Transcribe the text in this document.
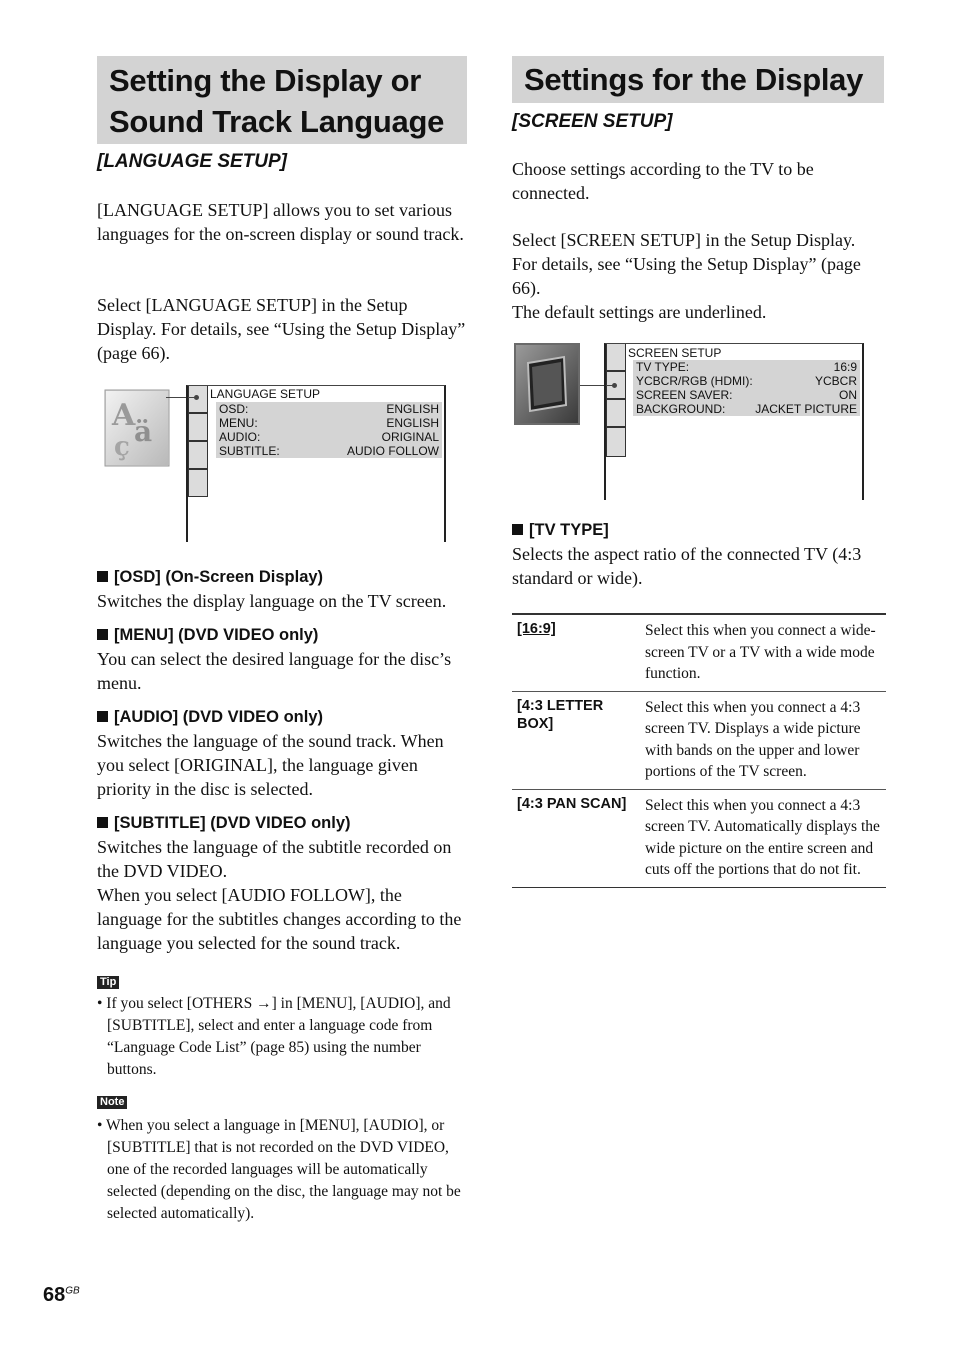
Setting the Display or
Sound Track Language
[LANGUAGE SETUP]
[LANGUAGE SETUP] allows you to set various languages for the on-screen display or sound track.
Select [LANGUAGE SETUP] in the Setup Display. For details, see “Using the Setup Display” (page 66).
A
ä
ç
LANGUAGE SETUP
OSD:	ENGLISH
MENU:	ENGLISH
AUDIO:	ORIGINAL
SUBTITLE:	AUDIO FOLLOW
[OSD] (On-Screen Display)
Switches the display language on the TV screen.
[MENU] (DVD VIDEO only)
You can select the desired language for the disc’s menu.
[AUDIO] (DVD VIDEO only)
Switches the language of the sound track. When you select [ORIGINAL], the language given priority in the disc is selected.
[SUBTITLE] (DVD VIDEO only)
Switches the language of the subtitle recorded on the DVD VIDEO.
When you select [AUDIO FOLLOW], the language for the subtitles changes according to the language you selected for the sound track.
Tip
• If you select [OTHERS →] in [MENU], [AUDIO], and [SUBTITLE], select and enter a language code from “Language Code List” (page 85) using the number buttons.
Note
• When you select a language in [MENU], [AUDIO], or [SUBTITLE] that is not recorded on the DVD VIDEO, one of the recorded languages will be automatically selected (depending on the disc, the language may not be selected automatically).
Settings for the Display
[SCREEN SETUP]
Choose settings according to the TV to be connected.
Select [SCREEN SETUP] in the Setup Display. For details, see “Using the Setup Display” (page 66).
The default settings are underlined.
SCREEN SETUP
TV TYPE:	16:9
YCBCR/RGB (HDMI):	YCBCR
SCREEN SAVER:	ON
BACKGROUND: JACKET PICTURE
[TV TYPE]
Selects the aspect ratio of the connected TV (4:3 standard or wide).
[16:9]	Select this when you connect a wide-screen TV or a TV with a wide mode function.
[4:3 LETTER BOX]	Select this when you connect a 4:3 screen TV. Displays a wide picture with bands on the upper and lower portions of the TV screen.
[4:3 PAN SCAN]	Select this when you connect a 4:3 screen TV. Automatically displays the wide picture on the entire screen and cuts off the portions that do not fit.
$68^{GB}$
